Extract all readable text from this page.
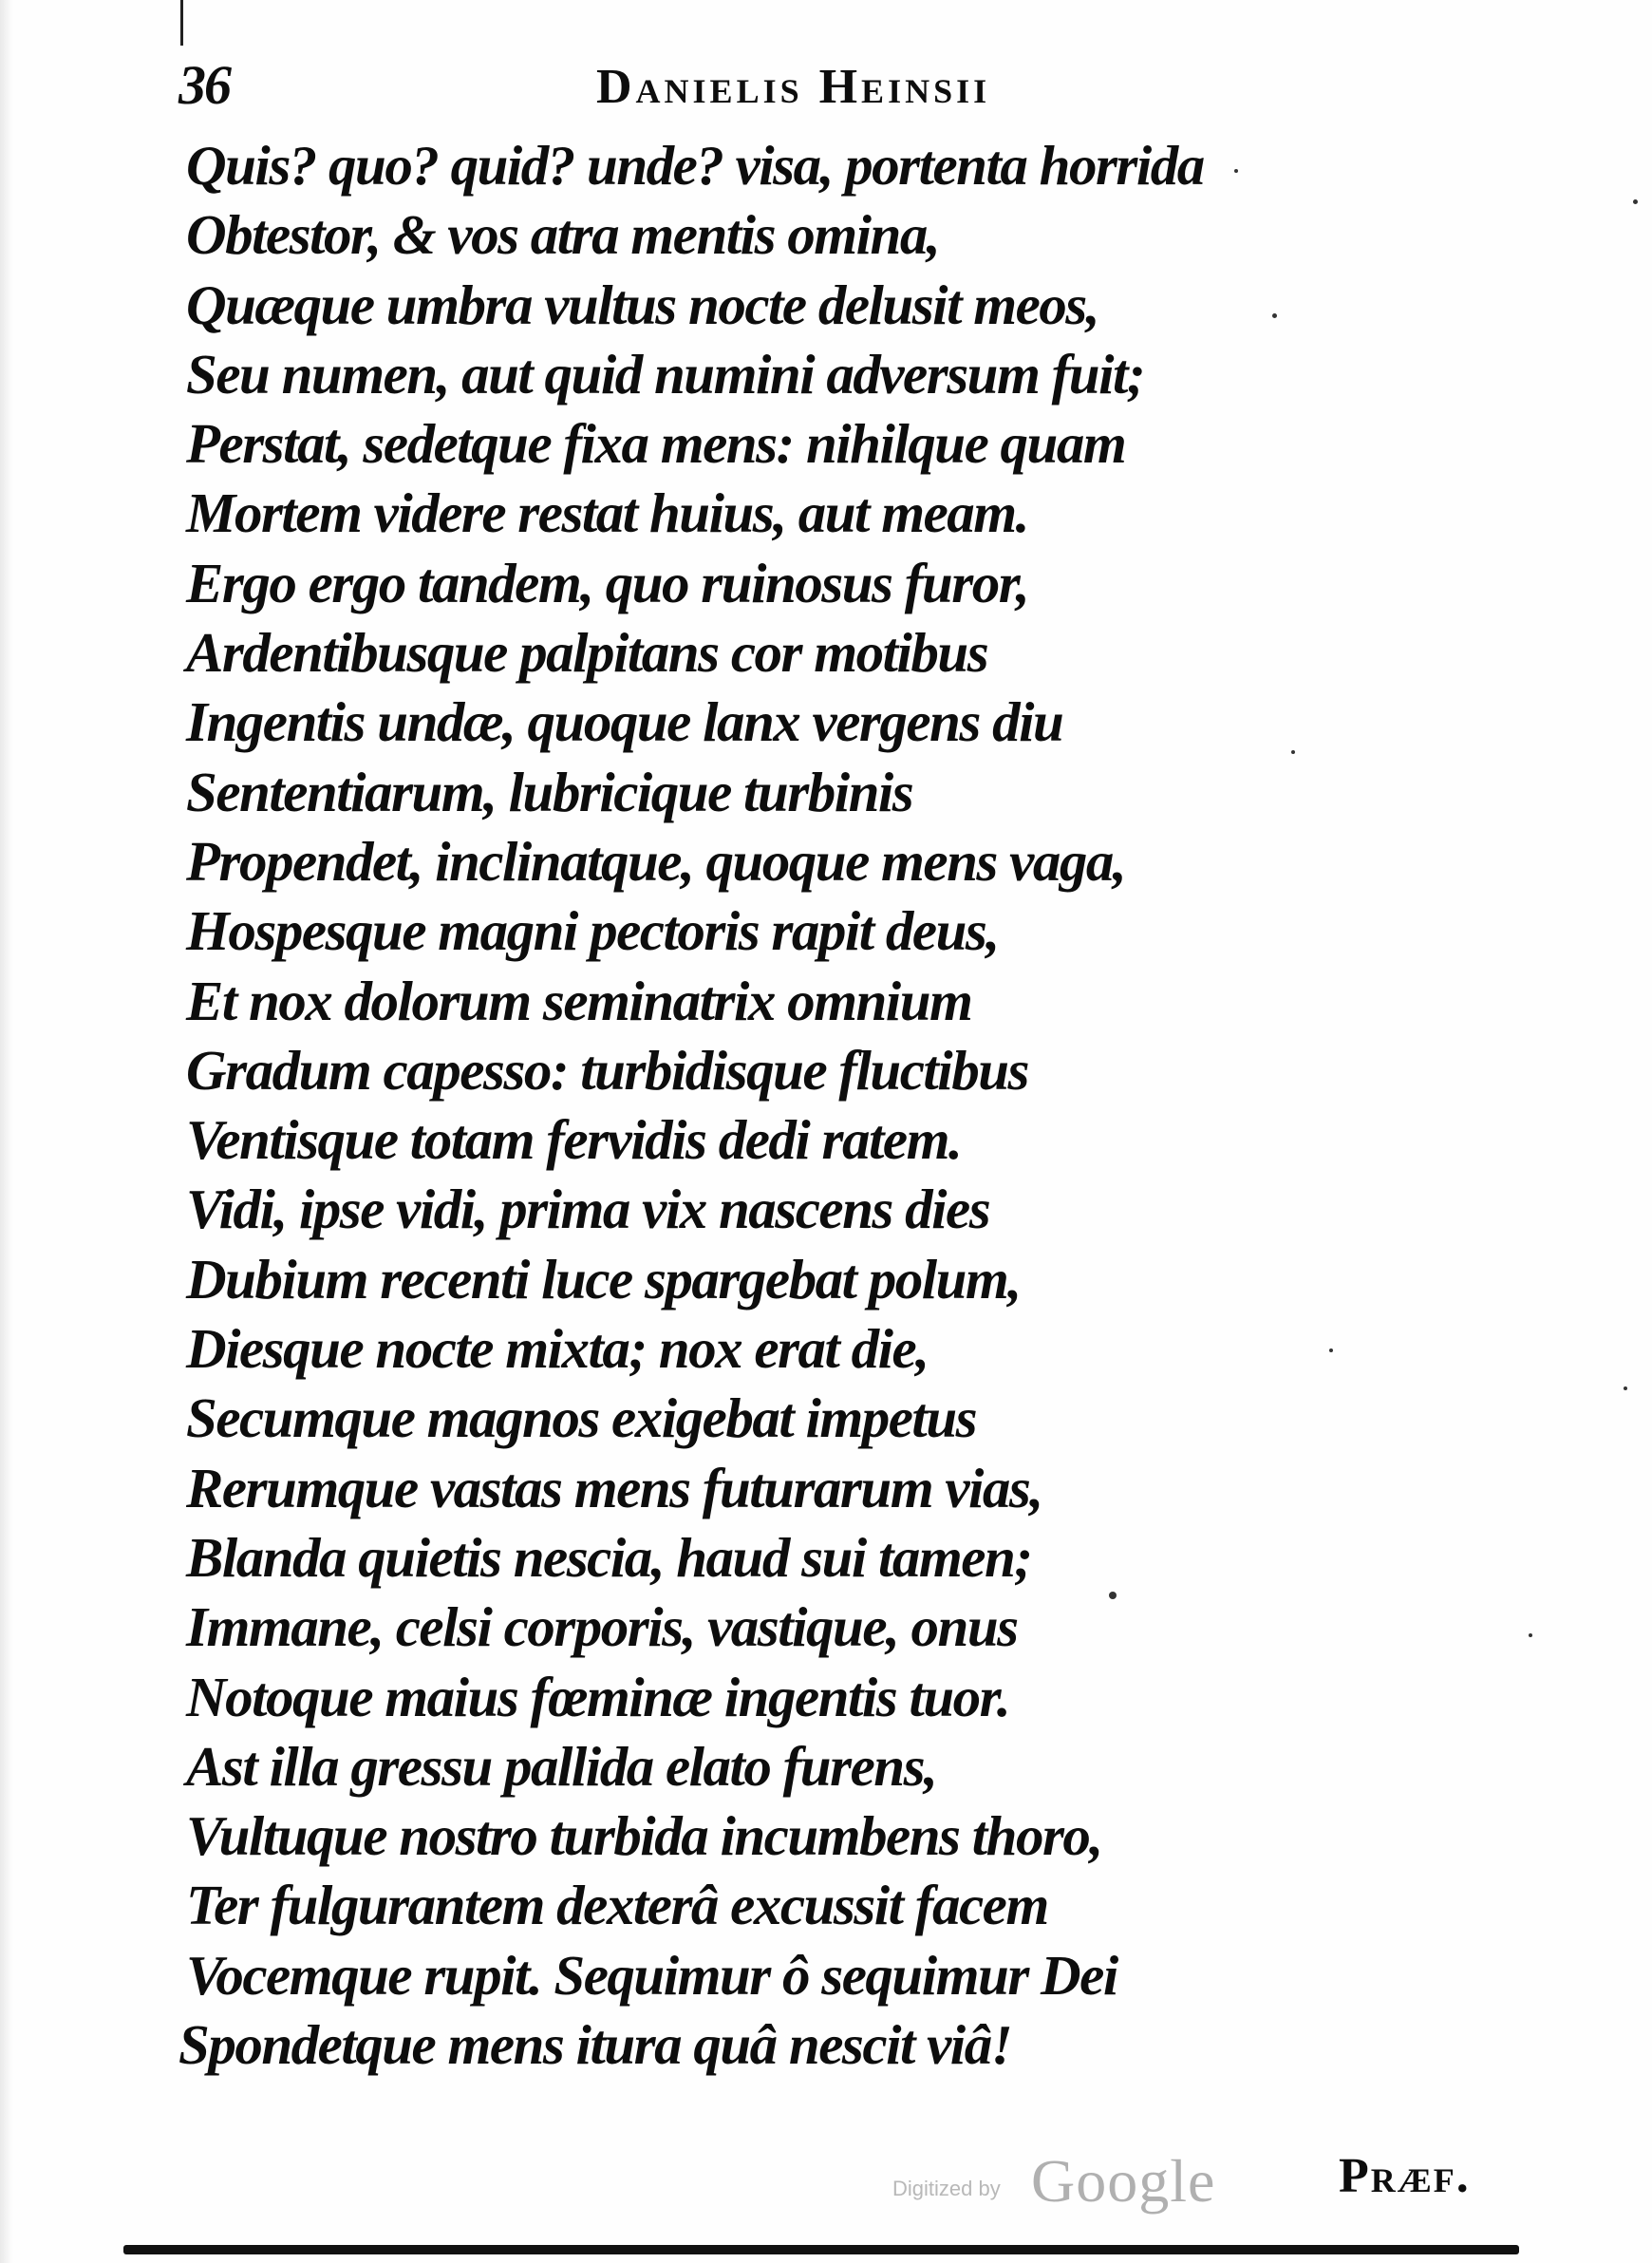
36	Danielis Heinsii
Quis? quo? quid? unde? visa, portenta horrida
Obtestor, & vos atra mentis omina,
Quæque umbra vultus nocte delusit meos,
Seu numen, aut quid numini adversum fuit;
Perstat, sedetque fixa mens: nihilque quam
Mortem videre restat huius, aut meam.
Ergo ergo tandem, quo ruinosus furor,
Ardentibusque palpitans cor motibus
Ingentis undæ, quoque lanx vergens diu
Sententiarum, lubricique turbinis
Propendet, inclinatque, quoque mens vaga,
Hospesque magni pectoris rapit deus,
Et nox dolorum seminatrix omnium
Gradum capesso: turbidisque fluctibus
Ventisque totam fervidis dedi ratem.
Vidi, ipse vidi, prima vix nascens dies
Dubium recenti luce spargebat polum,
Diesque nocte mixta; nox erat die,
Secumque magnos exigebat impetus
Rerumque vastas mens futurarum vias,
Blanda quietis nescia, haud sui tamen;
Immane, celsi corporis, vastique, onus
Notoque maius fœminæ ingentis tuor.
Ast illa gressu pallida elato furens,
Vultuque nostro turbida incumbens thoro,
Ter fulgurantem dexterâ excussit facem
Vocemque rupit. Sequimur ô sequimur Dei
Spondetque mens itura quâ nescit viâ!
Digitized by Google Præf.
